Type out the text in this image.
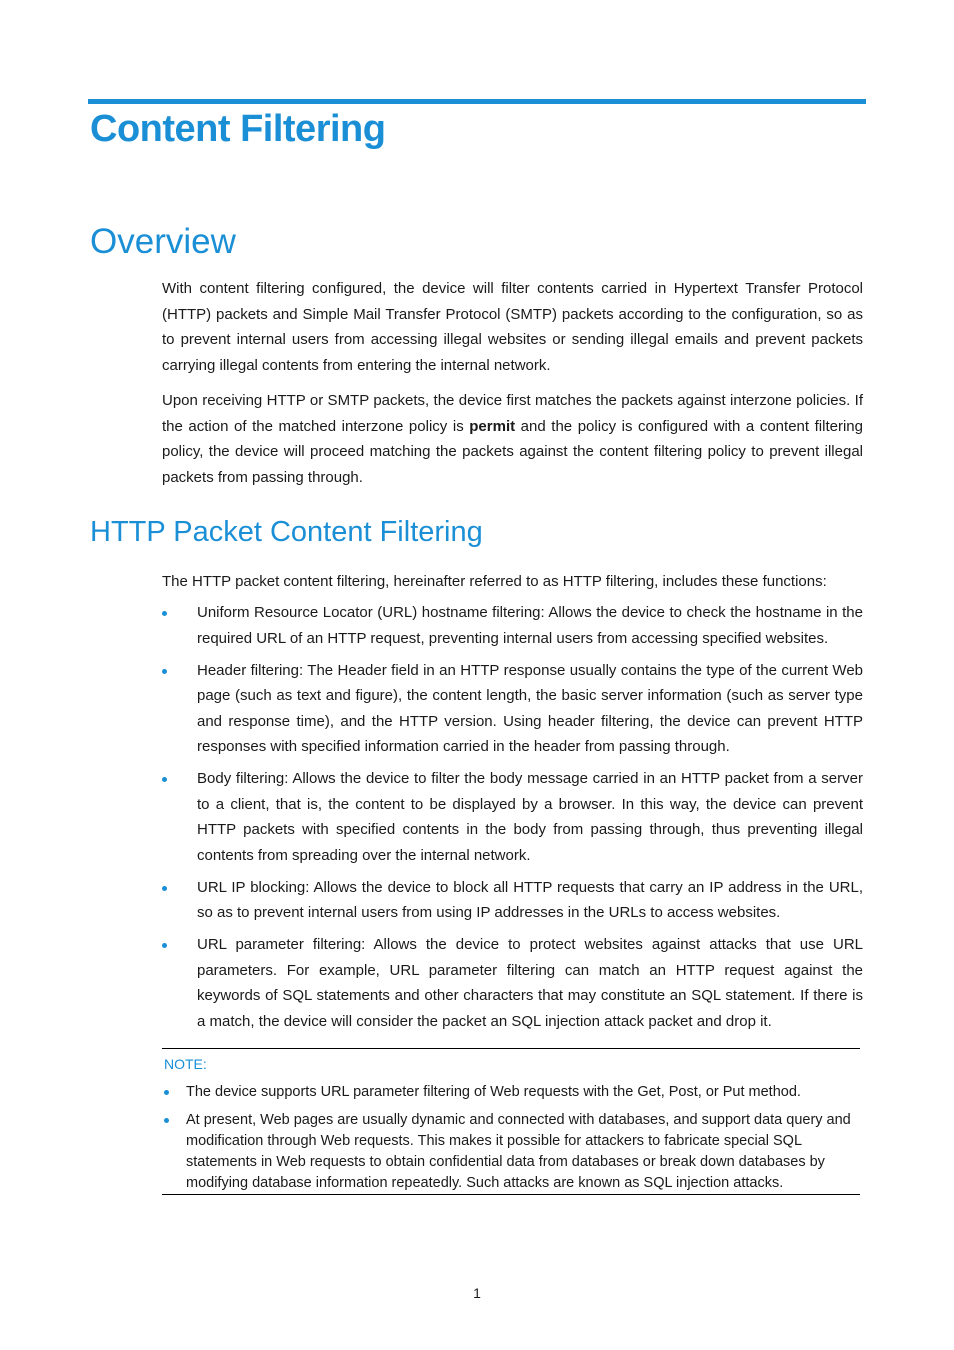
Content Filtering
Overview

With content filtering configured, the device will filter contents carried in Hypertext Transfer Protocol (HTTP) packets and Simple Mail Transfer Protocol (SMTP) packets according to the configuration, so as to prevent internal users from accessing illegal websites or sending illegal emails and prevent packets carrying illegal contents from entering the internal network.

Upon receiving HTTP or SMTP packets, the device first matches the packets against interzone policies. If the action of the matched interzone policy is permit and the policy is configured with a content filtering policy, the device will proceed matching the packets against the content filtering policy to prevent illegal packets from passing through.

HTTP Packet Content Filtering

The HTTP packet content filtering, hereinafter referred to as HTTP filtering, includes these functions:

Uniform Resource Locator (URL) hostname filtering: Allows the device to check the hostname in the required URL of an HTTP request, preventing internal users from accessing specified websites.
Header filtering: The Header field in an HTTP response usually contains the type of the current Web page (such as text and figure), the content length, the basic server information (such as server type and response time), and the HTTP version. Using header filtering, the device can prevent HTTP responses with specified information carried in the header from passing through.
Body filtering: Allows the device to filter the body message carried in an HTTP packet from a server to a client, that is, the content to be displayed by a browser. In this way, the device can prevent HTTP packets with specified contents in the body from passing through, thus preventing illegal contents from spreading over the internal network.
URL IP blocking: Allows the device to block all HTTP requests that carry an IP address in the URL, so as to prevent internal users from using IP addresses in the URLs to access websites.
URL parameter filtering: Allows the device to protect websites against attacks that use URL parameters. For example, URL parameter filtering can match an HTTP request against the keywords of SQL statements and other characters that may constitute an SQL statement. If there is a match, the device will consider the packet an SQL injection attack packet and drop it.

NOTE:

The device supports URL parameter filtering of Web requests with the Get, Post, or Put method.
At present, Web pages are usually dynamic and connected with databases, and support data query and modification through Web requests. This makes it possible for attackers to fabricate special SQL statements in Web requests to obtain confidential data from databases or break down databases by modifying database information repeatedly. Such attacks are known as SQL injection attacks.
1
